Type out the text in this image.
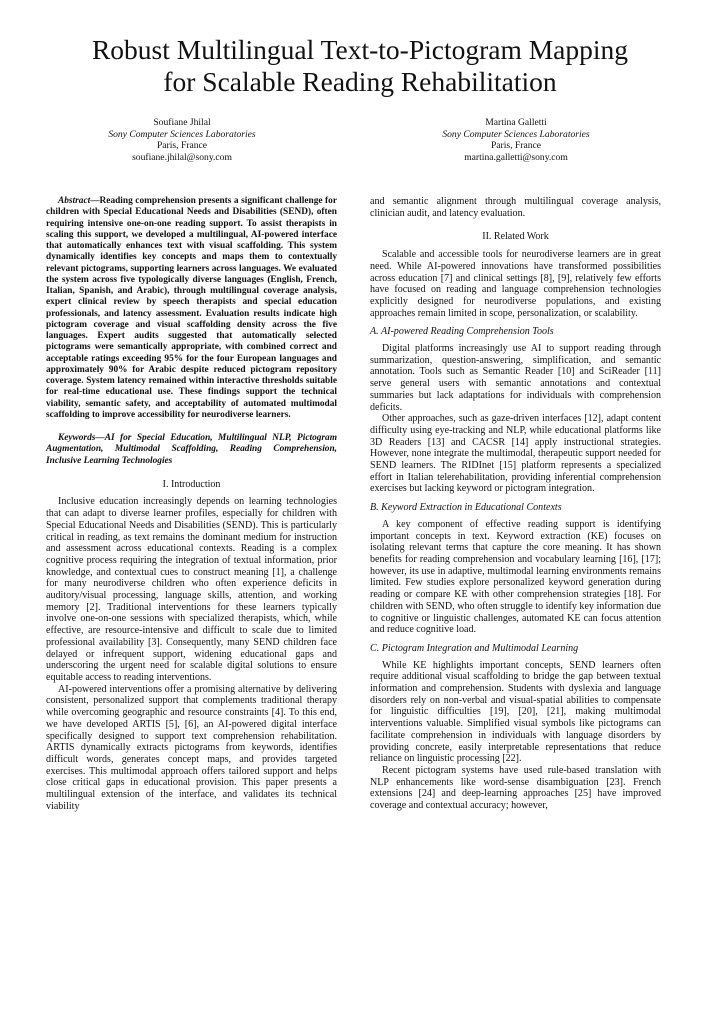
Robust Multilingual Text-to-Pictogram Mapping
for Scalable Reading Rehabilitation
Soufiane Jhilal
Sony Computer Sciences Laboratories
Paris, France
soufiane.jhilal@sony.com
Martina Galletti
Sony Computer Sciences Laboratories
Paris, France
martina.galletti@sony.com

Abstract—Reading comprehension presents a significant challenge for children with Special Educational Needs and Disabilities (SEND), often requiring intensive one-on-one reading support. To assist therapists in scaling this support, we developed a multilingual, AI-powered interface that automatically enhances text with visual scaffolding. This system dynamically identifies key concepts and maps them to contextually relevant pictograms, supporting learners across languages. We evaluated the system across five typologically diverse languages (English, French, Italian, Spanish, and Arabic), through multilingual coverage analysis, expert clinical review by speech therapists and special education professionals, and latency assessment. Evaluation results indicate high pictogram coverage and visual scaffolding density across the five languages. Expert audits suggested that automatically selected pictograms were semantically appropriate, with combined correct and acceptable ratings exceeding 95% for the four European languages and approximately 90% for Arabic despite reduced pictogram repository coverage. System latency remained within interactive thresholds suitable for real-time educational use. These findings support the technical viability, semantic safety, and acceptability of automated multimodal scaffolding to improve accessibility for neurodiverse learners.

Keywords—AI for Special Education, Multilingual NLP, Pictogram Augmentation, Multimodal Scaffolding, Reading Comprehension, Inclusive Learning Technologies

I. Introduction

Inclusive education increasingly depends on learning technologies that can adapt to diverse learner profiles, especially for children with Special Educational Needs and Disabilities (SEND). This is particularly critical in reading, as text remains the dominant medium for instruction and assessment across educational contexts. Reading is a complex cognitive process requiring the integration of textual information, prior knowledge, and contextual cues to construct meaning [1], a challenge for many neurodiverse children who often experience deficits in auditory/visual processing, language skills, attention, and working memory [2]. Traditional interventions for these learners typically involve one-on-one sessions with specialized therapists, which, while effective, are resource-intensive and difficult to scale due to limited professional availability [3]. Consequently, many SEND children face delayed or infrequent support, widening educational gaps and underscoring the urgent need for scalable digital solutions to ensure equitable access to reading interventions.

AI-powered interventions offer a promising alternative by delivering consistent, personalized support that complements traditional therapy while overcoming geographic and resource constraints [4]. To this end, we have developed ARTIS [5], [6], an AI-powered digital interface specifically designed to support text comprehension rehabilitation. ARTIS dynamically extracts pictograms from keywords, identifies difficult words, generates concept maps, and provides targeted exercises. This multimodal approach offers tailored support and helps close critical gaps in educational provision. This paper presents a multilingual extension of the interface, and validates its technical viability

and semantic alignment through multilingual coverage analysis, clinician audit, and latency evaluation.

II. Related Work

Scalable and accessible tools for neurodiverse learners are in great need. While AI-powered innovations have transformed possibilities across education [7] and clinical settings [8], [9], relatively few efforts have focused on reading and language comprehension technologies explicitly designed for neurodiverse populations, and existing approaches remain limited in scope, personalization, or scalability.

A. AI-powered Reading Comprehension Tools

Digital platforms increasingly use AI to support reading through summarization, question-answering, simplification, and semantic annotation. Tools such as Semantic Reader [10] and SciReader [11] serve general users with semantic annotations and contextual summaries but lack adaptations for individuals with comprehension deficits.

Other approaches, such as gaze-driven interfaces [12], adapt content difficulty using eye-tracking and NLP, while educational platforms like 3D Readers [13] and CACSR [14] apply instructional strategies. However, none integrate the multimodal, therapeutic support needed for SEND learners. The RIDInet [15] platform represents a specialized effort in Italian telerehabilitation, providing inferential comprehension exercises but lacking keyword or pictogram integration.

B. Keyword Extraction in Educational Contexts

A key component of effective reading support is identifying important concepts in text. Keyword extraction (KE) focuses on isolating relevant terms that capture the core meaning. It has shown benefits for reading comprehension and vocabulary learning [16], [17]; however, its use in adaptive, multimodal learning environments remains limited. Few studies explore personalized keyword generation during reading or compare KE with other comprehension strategies [18]. For children with SEND, who often struggle to identify key information due to cognitive or linguistic challenges, automated KE can focus attention and reduce cognitive load.

C. Pictogram Integration and Multimodal Learning

While KE highlights important concepts, SEND learners often require additional visual scaffolding to bridge the gap between textual information and comprehension. Students with dyslexia and language disorders rely on non-verbal and visual-spatial abilities to compensate for linguistic difficulties [19], [20], [21], making multimodal interventions valuable. Simplified visual symbols like pictograms can facilitate comprehension in individuals with language disorders by providing concrete, easily interpretable representations that reduce reliance on linguistic processing [22].

Recent pictogram systems have used rule-based translation with NLP enhancements like word-sense disambiguation [23]. French extensions [24] and deep-learning approaches [25] have improved coverage and contextual accuracy; however,
